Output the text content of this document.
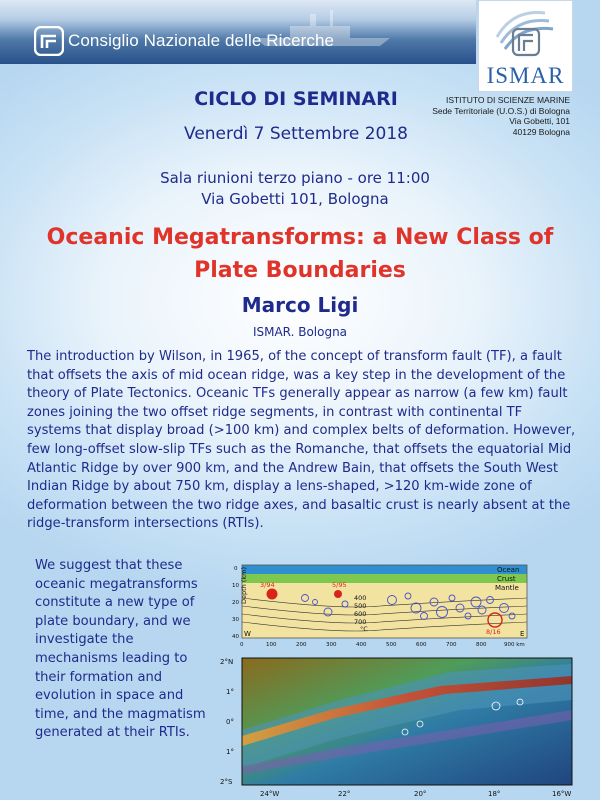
Consiglio Nazionale delle Ricerche
ISMAR
ISTITUTO DI SCIENZE MARINE
Sede Territoriale (U.O.S.) di Bologna
Via Gobetti, 101
40129 Bologna
CICLO DI SEMINARI
Venerdì 7 Settembre 2018
Sala riunioni terzo piano - ore 11:00
Via Gobetti 101, Bologna
Oceanic Megatransforms: a New Class of
Plate Boundaries
Marco Ligi
ISMAR. Bologna
The introduction by Wilson, in 1965, of the concept of transform fault (TF), a fault that offsets the axis of mid ocean ridge, was a key step in the development of the theory of Plate Tectonics. Oceanic TFs generally appear as narrow (a few km) fault zones joining the two offset ridge segments, in contrast with continental TF systems that display broad (>100 km) and complex belts of deformation. However, few long-offset slow-slip TFs such as the Romanche, that offsets the equatorial Mid Atlantic Ridge by over 900 km, and the Andrew Bain, that offsets the South West Indian Ridge by about 750 km, display a lens-shaped, >120 km-wide zone of deformation between the two ridge axes, and basaltic crust is nearly absent at the ridge-transform intersections (RTIs).
We suggest that these oceanic megatransforms constitute a new type of plate boundary, and we investigate the mechanisms leading to their formation and evolution in space and time, and the magmatism generated at their RTIs.
Ocean
Crust
Mantle
400
500
600
700
°C
3/94	5/95
8/16
Depth (km)
W	E
0
10
20
30
40
0	100	200	300	400	500	600	700	800	900 km
2°N
1°
0°
1°
2°S
24°W	22°	20°	18°	16°W
